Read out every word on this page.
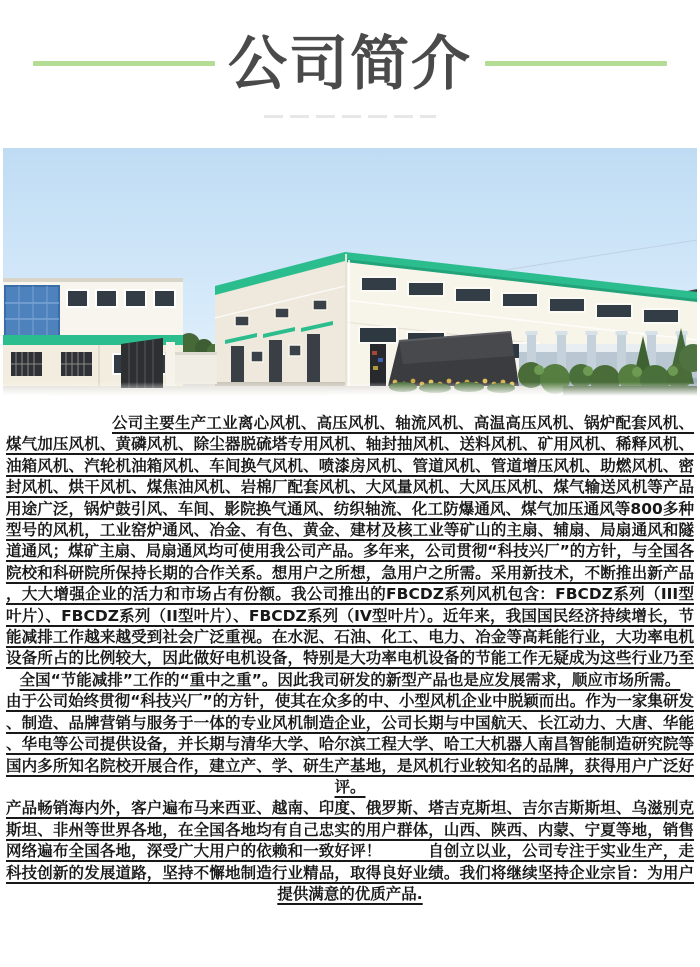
公司简介

公司主要生产工业离心风机、高压风机、轴流风机、高温高压风机、锅炉配套风机、煤气加压风机、黄磷风机、除尘器脱硫塔专用风机、轴封抽风机、送料风机、矿用风机、稀释风机、油箱风机、汽轮机油箱风机、车间换气风机、喷漆房风机、管道风机、管道增压风机、助燃风机、密封风机、烘干风机、煤焦油风机、岩棉厂配套风机、大风量风机、大风压风机、煤气输送风机等产品用途广泛，锅炉鼓引风、车间、影院换气通风、纺织轴流、化工防爆通风、煤气加压通风等800多种型号的风机，工业窑炉通风、冶金、有色、黄金、建材及核工业等矿山的主扇、辅扇、局扇通风和隧道通风；煤矿主扇、局扇通风均可使用我公司产品。多年来，公司贯彻“科技兴厂”的方针，与全国各院校和科研院所保持长期的合作关系。想用户之所想，急用户之所需。采用新技术，不断推出新产品，大大增强企业的活力和市场占有份额。我公司推出的FBCDZ系列风机包含：FBCDZ系列（III型叶片）、FBCDZ系列（II型叶片）、FBCDZ系列（IV型叶片）。近年来，我国国民经济持续增长，节能减排工作越来越受到社会广泛重视。在水泥、石油、化工、电力、冶金等高耗能行业，大功率电机设备所占的比例较大，因此做好电机设备，特别是大功率电机设备的节能工作无疑成为这些行业乃至全国“节能减排”工作的“重中之重”。因此我司研发的新型产品也是应发展需求，顺应市场所需。

由于公司始终贯彻“科技兴厂”的方针，使其在众多的中、小型风机企业中脱颖而出。作为一家集研发、制造、品牌营销与服务于一体的专业风机制造企业，公司长期与中国航天、长江动力、大唐、华能、华电等公司提供设备，并长期与清华大学、哈尔滨工程大学、哈工大机器人南昌智能制造研究院等国内多所知名院校开展合作，建立产、学、研生产基地，是风机行业较知名的品牌，获得用户广泛好评。

产品畅销海内外，客户遍布马来西亚、越南、印度、俄罗斯、塔吉克斯坦、吉尔吉斯斯坦、乌滋别克斯坦、非州等世界各地，在全国各地均有自己忠实的用户群体，山西、陕西、内蒙、宁夏等地，销售网络遍布全国各地，深受广大用户的依赖和一致好评！　　　自创立以业，公司专注于实业生产，走科技创新的发展道路，坚持不懈地制造行业精品，取得良好业绩。我们将继续坚持企业宗旨：为用户提供满意的优质产品.
